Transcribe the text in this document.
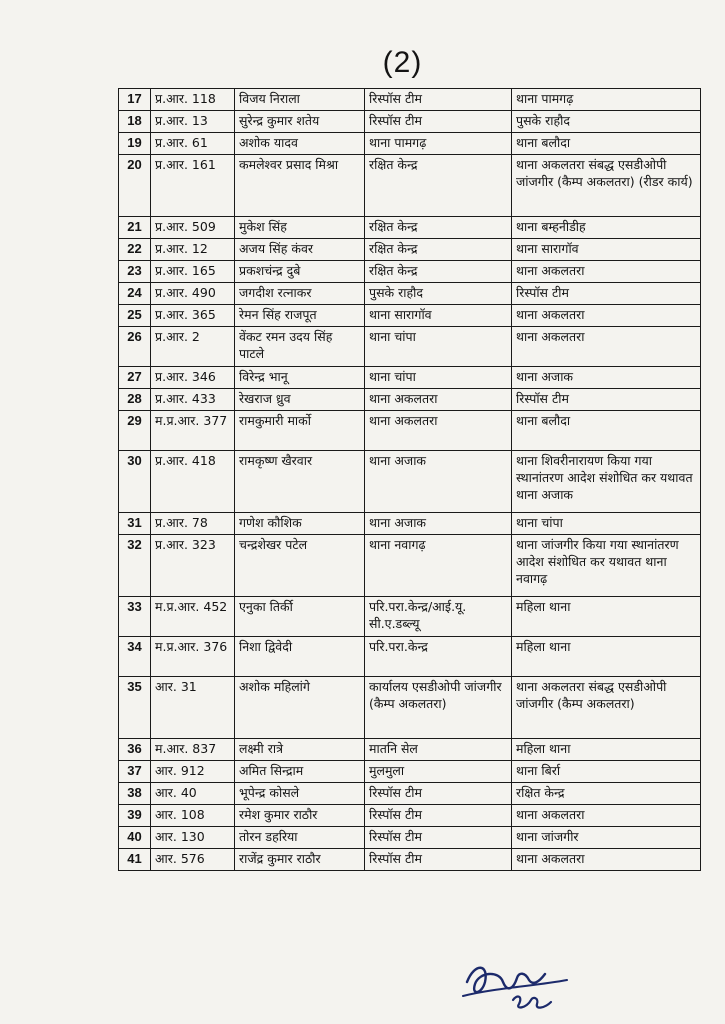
(2)
17	प्र.आर. 118	विजय निराला	रिस्पॉस टीम	थाना पामगढ़
18	प्र.आर. 13	सुरेन्द्र कुमार शतेय	रिस्पॉस टीम	पुसके राहौद
19	प्र.आर. 61	अशोक यादव	थाना पामगढ़	थाना बलौदा
20	प्र.आर. 161	कमलेश्वर प्रसाद मिश्रा	रक्षित केन्द्र	थाना अकलतरा संबद्ध एसडीओपी जांजगीर (कैम्प अकलतरा) (रीडर कार्य)
21	प्र.आर. 509	मुकेश सिंह	रक्षित केन्द्र	थाना बम्हनीडीह
22	प्र.आर. 12	अजय सिंह कंवर	रक्षित केन्द्र	थाना सारागॉव
23	प्र.आर. 165	प्रकशचंन्द्र दुबे	रक्षित केन्द्र	थाना अकलतरा
24	प्र.आर. 490	जगदीश रत्नाकर	पुसके राहौद	रिस्पॉस टीम
25	प्र.आर. 365	रेमन सिंह राजपूत	थाना सारागॉव	थाना अकलतरा
26	प्र.आर. 2	वेंकट रमन उदय सिंह पाटले	थाना चांपा	थाना अकलतरा
27	प्र.आर. 346	विरेन्द्र भानू	थाना चांपा	थाना अजाक
28	प्र.आर. 433	रेखराज ध्रुव	थाना अकलतरा	रिस्पॉस टीम
29	म.प्र.आर. 377	रामकुमारी मार्को	थाना अकलतरा	थाना बलौदा
30	प्र.आर. 418	रामकृष्ण खैरवार	थाना अजाक	थाना शिवरीनारायण किया गया स्थानांतरण आदेश संशोधित कर यथावत थाना अजाक
31	प्र.आर. 78	गणेश कौशिक	थाना अजाक	थाना चांपा
32	प्र.आर. 323	चन्द्रशेखर पटेल	थाना नवागढ़	थाना जांजगीर किया गया स्थानांतरण आदेश संशोधित कर यथावत थाना नवागढ़
33	म.प्र.आर. 452	एनुका तिर्की	परि.परा.केन्द्र/आई.यू. सी.ए.डब्ल्यू	महिला थाना
34	म.प्र.आर. 376	निशा द्विवेदी	परि.परा.केन्द्र	महिला थाना
35	आर. 31	अशोक महिलांगे	कार्यालय एसडीओपी जांजगीर (कैम्प अकलतरा)	थाना अकलतरा संबद्ध एसडीओपी जांजगीर (कैम्प अकलतरा)
36	म.आर. 837	लक्ष्मी रात्रे	मातनि सेल	महिला थाना
37	आर. 912	अमित सिन्द्राम	मुलमुला	थाना बिर्रा
38	आर. 40	भूपेन्द्र कोसले	रिस्पॉस टीम	रक्षित केन्द्र
39	आर. 108	रमेश कुमार राठौर	रिस्पॉस टीम	थाना अकलतरा
40	आर. 130	तोरन डहरिया	रिस्पॉस टीम	थाना जांजगीर
41	आर. 576	राजेंद्र कुमार राठौर	रिस्पॉस टीम	थाना अकलतरा
